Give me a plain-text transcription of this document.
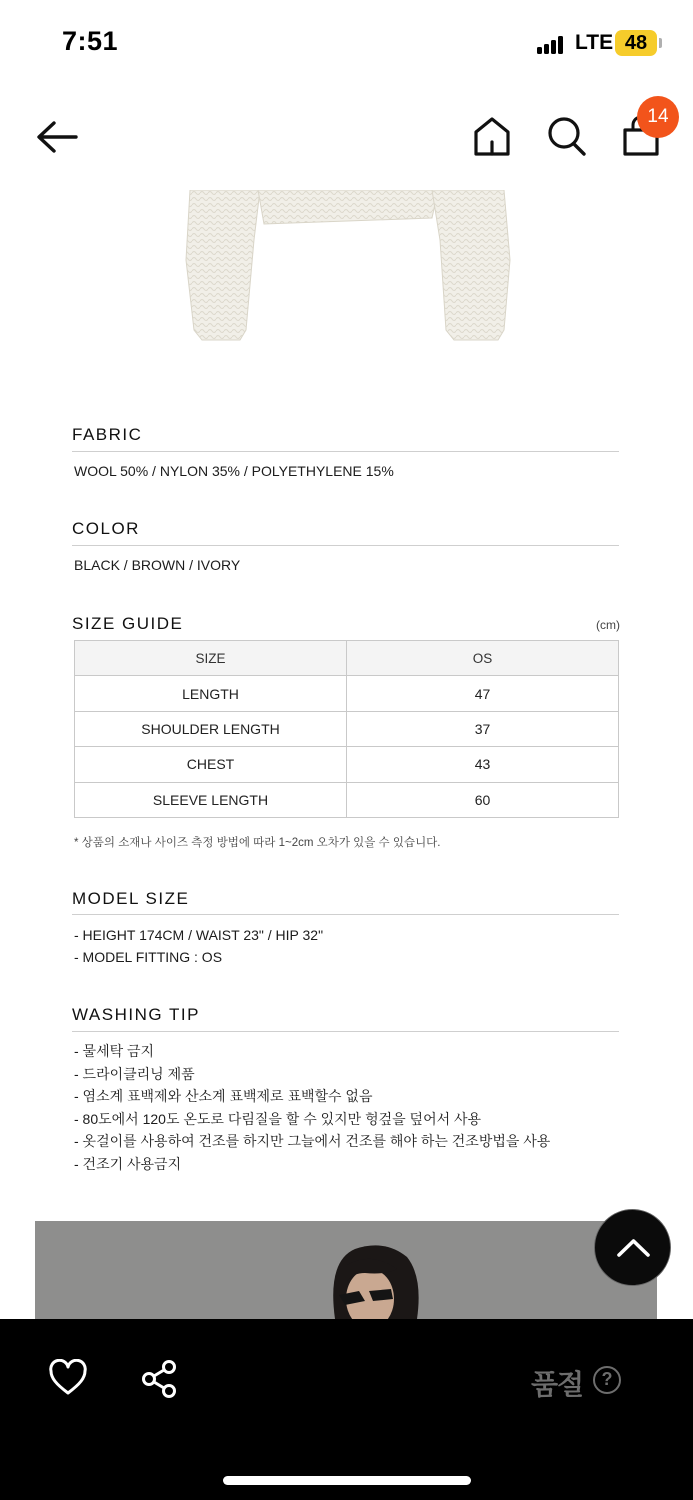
7:51	LTE 48
14
FABRIC
WOOL 50% / NYLON 35% / POLYETHYLENE 15%
COLOR
BLACK / BROWN / IVORY
SIZE GUIDE	(cm)
SIZE	OS
LENGTH	47
SHOULDER LENGTH	37
CHEST	43
SLEEVE LENGTH	60
* 상품의 소재나 사이즈 측정 방법에 따라 1~2cm 오차가 있을 수 있습니다.
MODEL SIZE
- HEIGHT 174CM / WAIST 23" / HIP 32"
- MODEL FITTING : OS
WASHING TIP
- 물세탁 금지
- 드라이클리닝 제품
- 염소계 표백제와 산소계 표백제로 표백할수 없음
- 80도에서 120도 온도로 다림질을 할 수 있지만 헝겊을 덮어서 사용
- 옷걸이를 사용하여 건조를 하지만 그늘에서 건조를 해야 하는 건조방법을 사용
- 건조기 사용금지
품절	?
